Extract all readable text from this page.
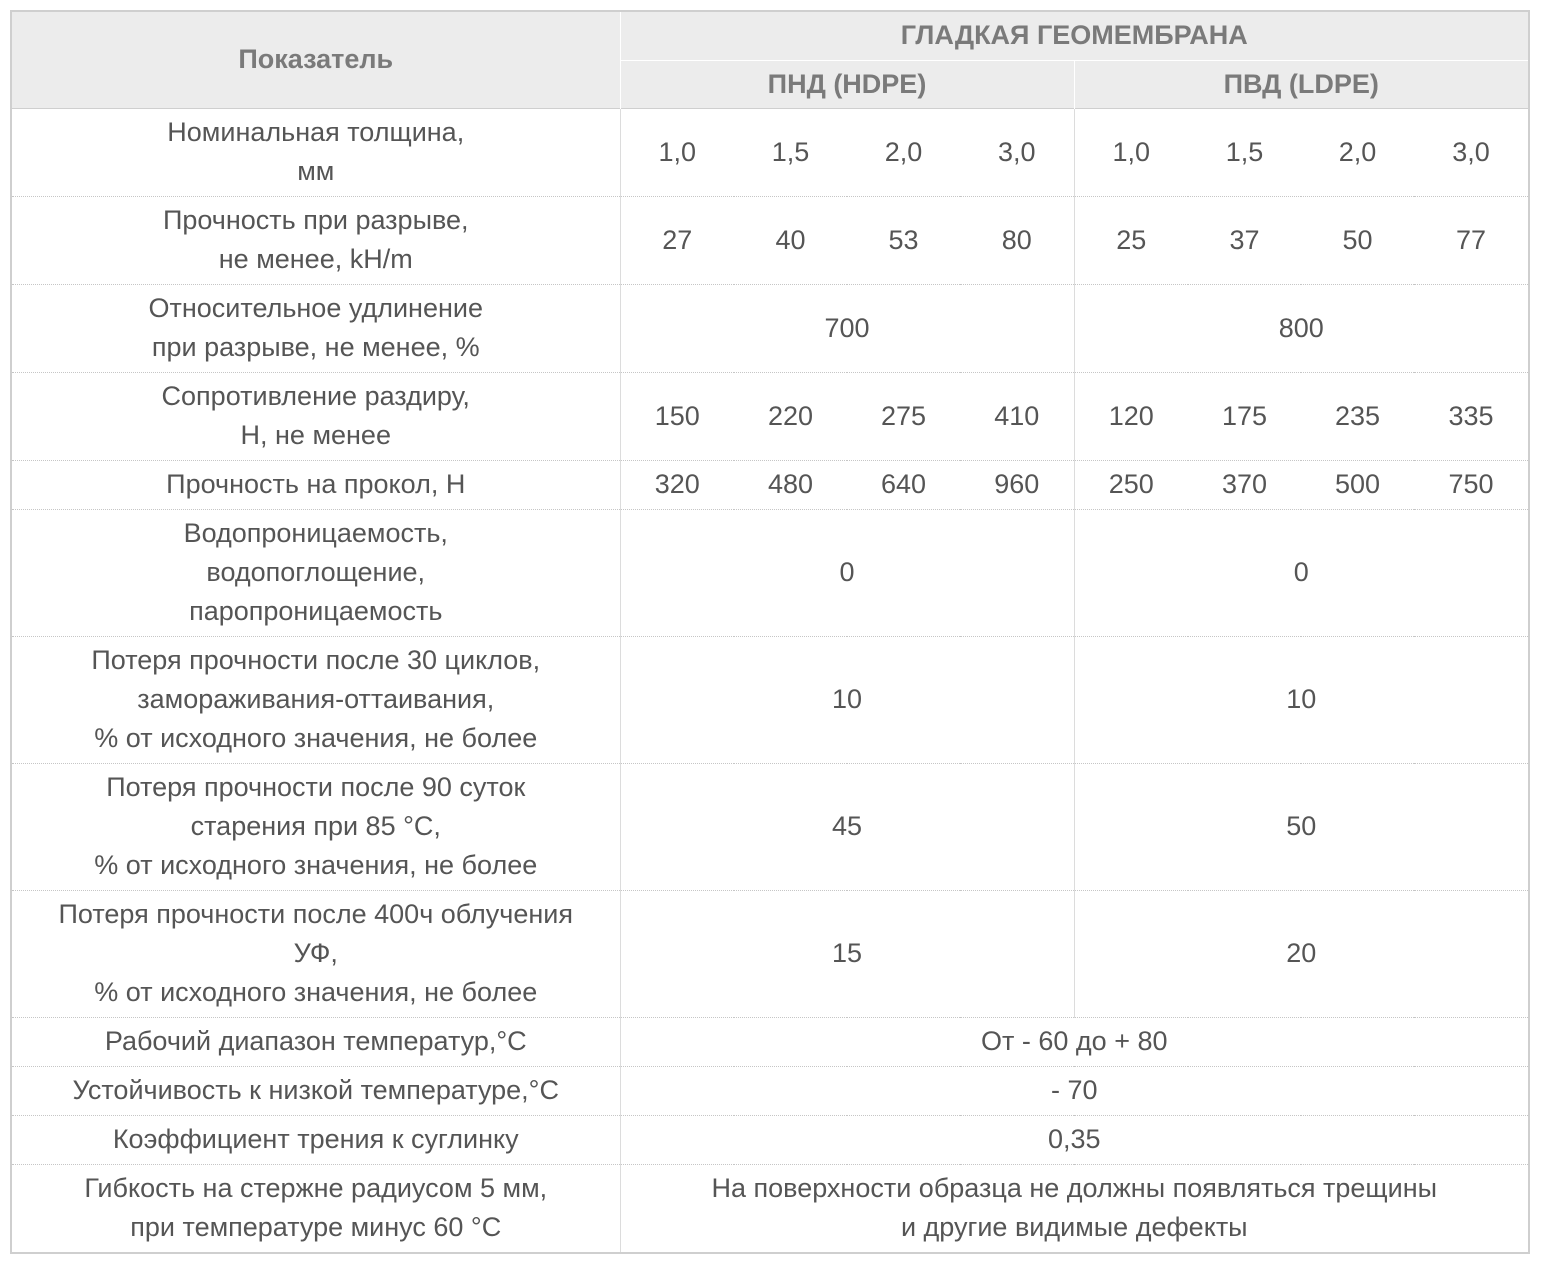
Показатель	ГЛАДКАЯ ГЕОМЕМБРАНА							
	ПНД (HDPE)				ПВД (LDPE)			

Номинальная толщина,
мм	1,0	1,5	2,0	3,0	1,0	1,5	2,0	3,0

Прочность при разрыве,
не менее, kH/m	27	40	53	80	25	37	50	77

Относительное удлинение
при разрыве, не менее, %	700				800			

Сопротивление раздиру,
Н, не менее	150	220	275	410	120	175	235	335

Прочность на прокол, Н	320	480	640	960	250	370	500	750

Водопроницаемость,
водопоглощение,
паропроницаемость	0				0			

Потеря прочности после 30 циклов,
замораживания-оттаивания,
% от исходного значения, не более	10				10			

Потеря прочности после 90 суток
старения при 85 °С,
% от исходного значения, не более	45				50			

Потеря прочности после 400ч облучения
УФ,
% от исходного значения, не более	15				20			

Рабочий диапазон температур,°С	От - 60 до + 80							

Устойчивость к низкой температуре,°С	- 70							

Коэффициент трения к суглинку	0,35							

Гибкость на стержне радиусом 5 мм,
при температуре минус 60 °С	На поверхности образца не должны появляться трещины
и другие видимые дефекты							
